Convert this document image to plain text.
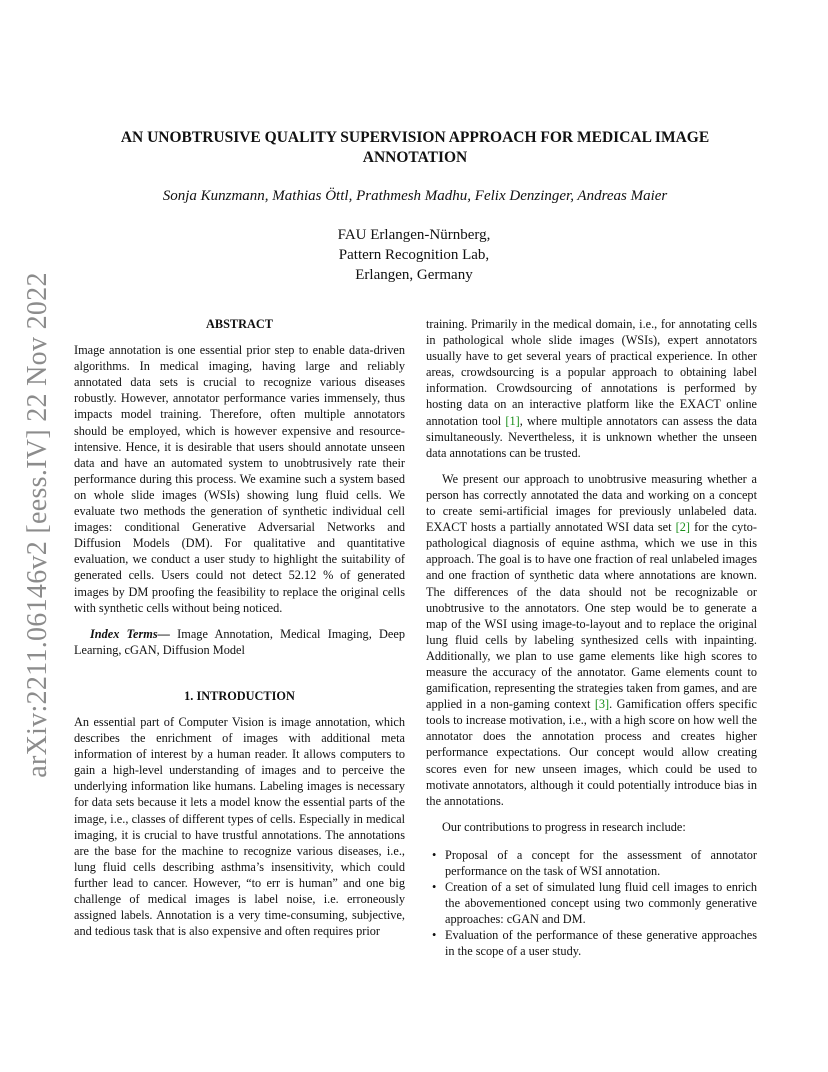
arXiv:2211.06146v2 [eess.IV] 22 Nov 2022
AN UNOBTRUSIVE QUALITY SUPERVISION APPROACH FOR MEDICAL IMAGE ANNOTATION
Sonja Kunzmann, Mathias Öttl, Prathmesh Madhu, Felix Denzinger, Andreas Maier
FAU Erlangen-Nürnberg,
Pattern Recognition Lab,
Erlangen, Germany
ABSTRACT

Image annotation is one essential prior step to enable data-driven algorithms. In medical imaging, having large and reliably annotated data sets is crucial to recognize various diseases robustly. However, annotator performance varies immensely, thus impacts model training. Therefore, often multiple annotators should be employed, which is however expensive and resource-intensive. Hence, it is desirable that users should annotate unseen data and have an automated system to unobtrusively rate their performance during this process. We examine such a system based on whole slide images (WSIs) showing lung fluid cells. We evaluate two methods the generation of synthetic individual cell images: conditional Generative Adversarial Networks and Diffusion Models (DM). For qualitative and quantitative evaluation, we conduct a user study to highlight the suitability of generated cells. Users could not detect 52.12 % of generated images by DM proofing the feasibility to replace the original cells with synthetic cells without being noticed.

Index Terms— Image Annotation, Medical Imaging, Deep Learning, cGAN, Diffusion Model

1. INTRODUCTION

An essential part of Computer Vision is image annotation, which describes the enrichment of images with additional meta information of interest by a human reader. It allows computers to gain a high-level understanding of images and to perceive the underlying information like humans. Labeling images is necessary for data sets because it lets a model know the essential parts of the image, i.e., classes of different types of cells. Especially in medical imaging, it is crucial to have trustful annotations. The annotations are the base for the machine to recognize various diseases, i.e., lung fluid cells describing asthma’s insensitivity, which could further lead to cancer. However, “to err is human” and one big challenge of medical images is label noise, i.e. erroneously assigned labels. Annotation is a very time-consuming, subjective, and tedious task that is also expensive and often requires prior

training. Primarily in the medical domain, i.e., for annotating cells in pathological whole slide images (WSIs), expert annotators usually have to get several years of practical experience. In other areas, crowdsourcing is a popular approach to obtaining label information. Crowdsourcing of annotations is performed by hosting data on an interactive platform like the EXACT online annotation tool [1], where multiple annotators can assess the data simultaneously. Nevertheless, it is unknown whether the unseen data annotations can be trusted.

We present our approach to unobtrusive measuring whether a person has correctly annotated the data and working on a concept to create semi-artificial images for previously unlabeled data. EXACT hosts a partially annotated WSI data set [2] for the cyto-pathological diagnosis of equine asthma, which we use in this approach. The goal is to have one fraction of real unlabeled images and one fraction of synthetic data where annotations are known. The differences of the data should not be recognizable or unobtrusive to the annotators. One step would be to generate a map of the WSI using image-to-layout and to replace the original lung fluid cells by labeling synthesized cells with inpainting. Additionally, we plan to use game elements like high scores to measure the accuracy of the annotator. Game elements count to gamification, representing the strategies taken from games, and are applied in a non-gaming context [3]. Gamification offers specific tools to increase motivation, i.e., with a high score on how well the annotator does the annotation process and creates higher performance expectations. Our concept would allow creating scores even for new unseen images, which could be used to motivate annotators, although it could potentially introduce bias in the annotations.

Our contributions to progress in research include:

• Proposal of a concept for the assessment of annotator performance on the task of WSI annotation.
• Creation of a set of simulated lung fluid cell images to enrich the abovementioned concept using two commonly generative approaches: cGAN and DM.
• Evaluation of the performance of these generative approaches in the scope of a user study.
